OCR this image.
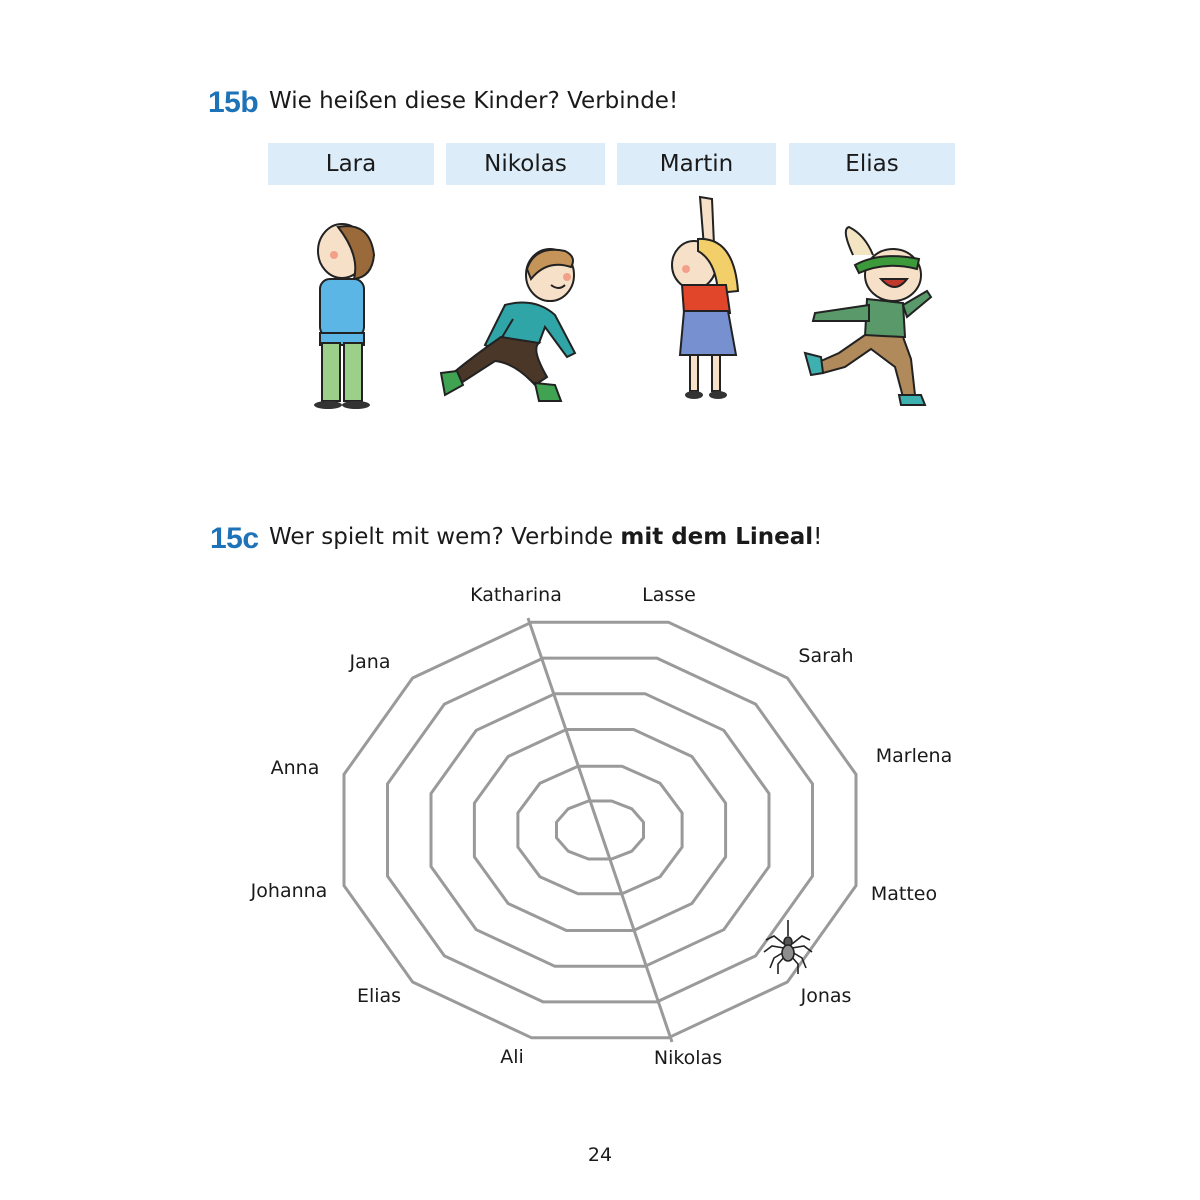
15b Wie heißen diese Kinder? Verbinde!
Lara	Nikolas	Martin	Elias
15c Wer spielt mit wem? Verbinde mit dem Lineal!
Katharina	Lasse
Sarah
Marlena
Matteo
Jonas
Nikolas
Ali
Elias
Johanna
Anna
Jana
24
